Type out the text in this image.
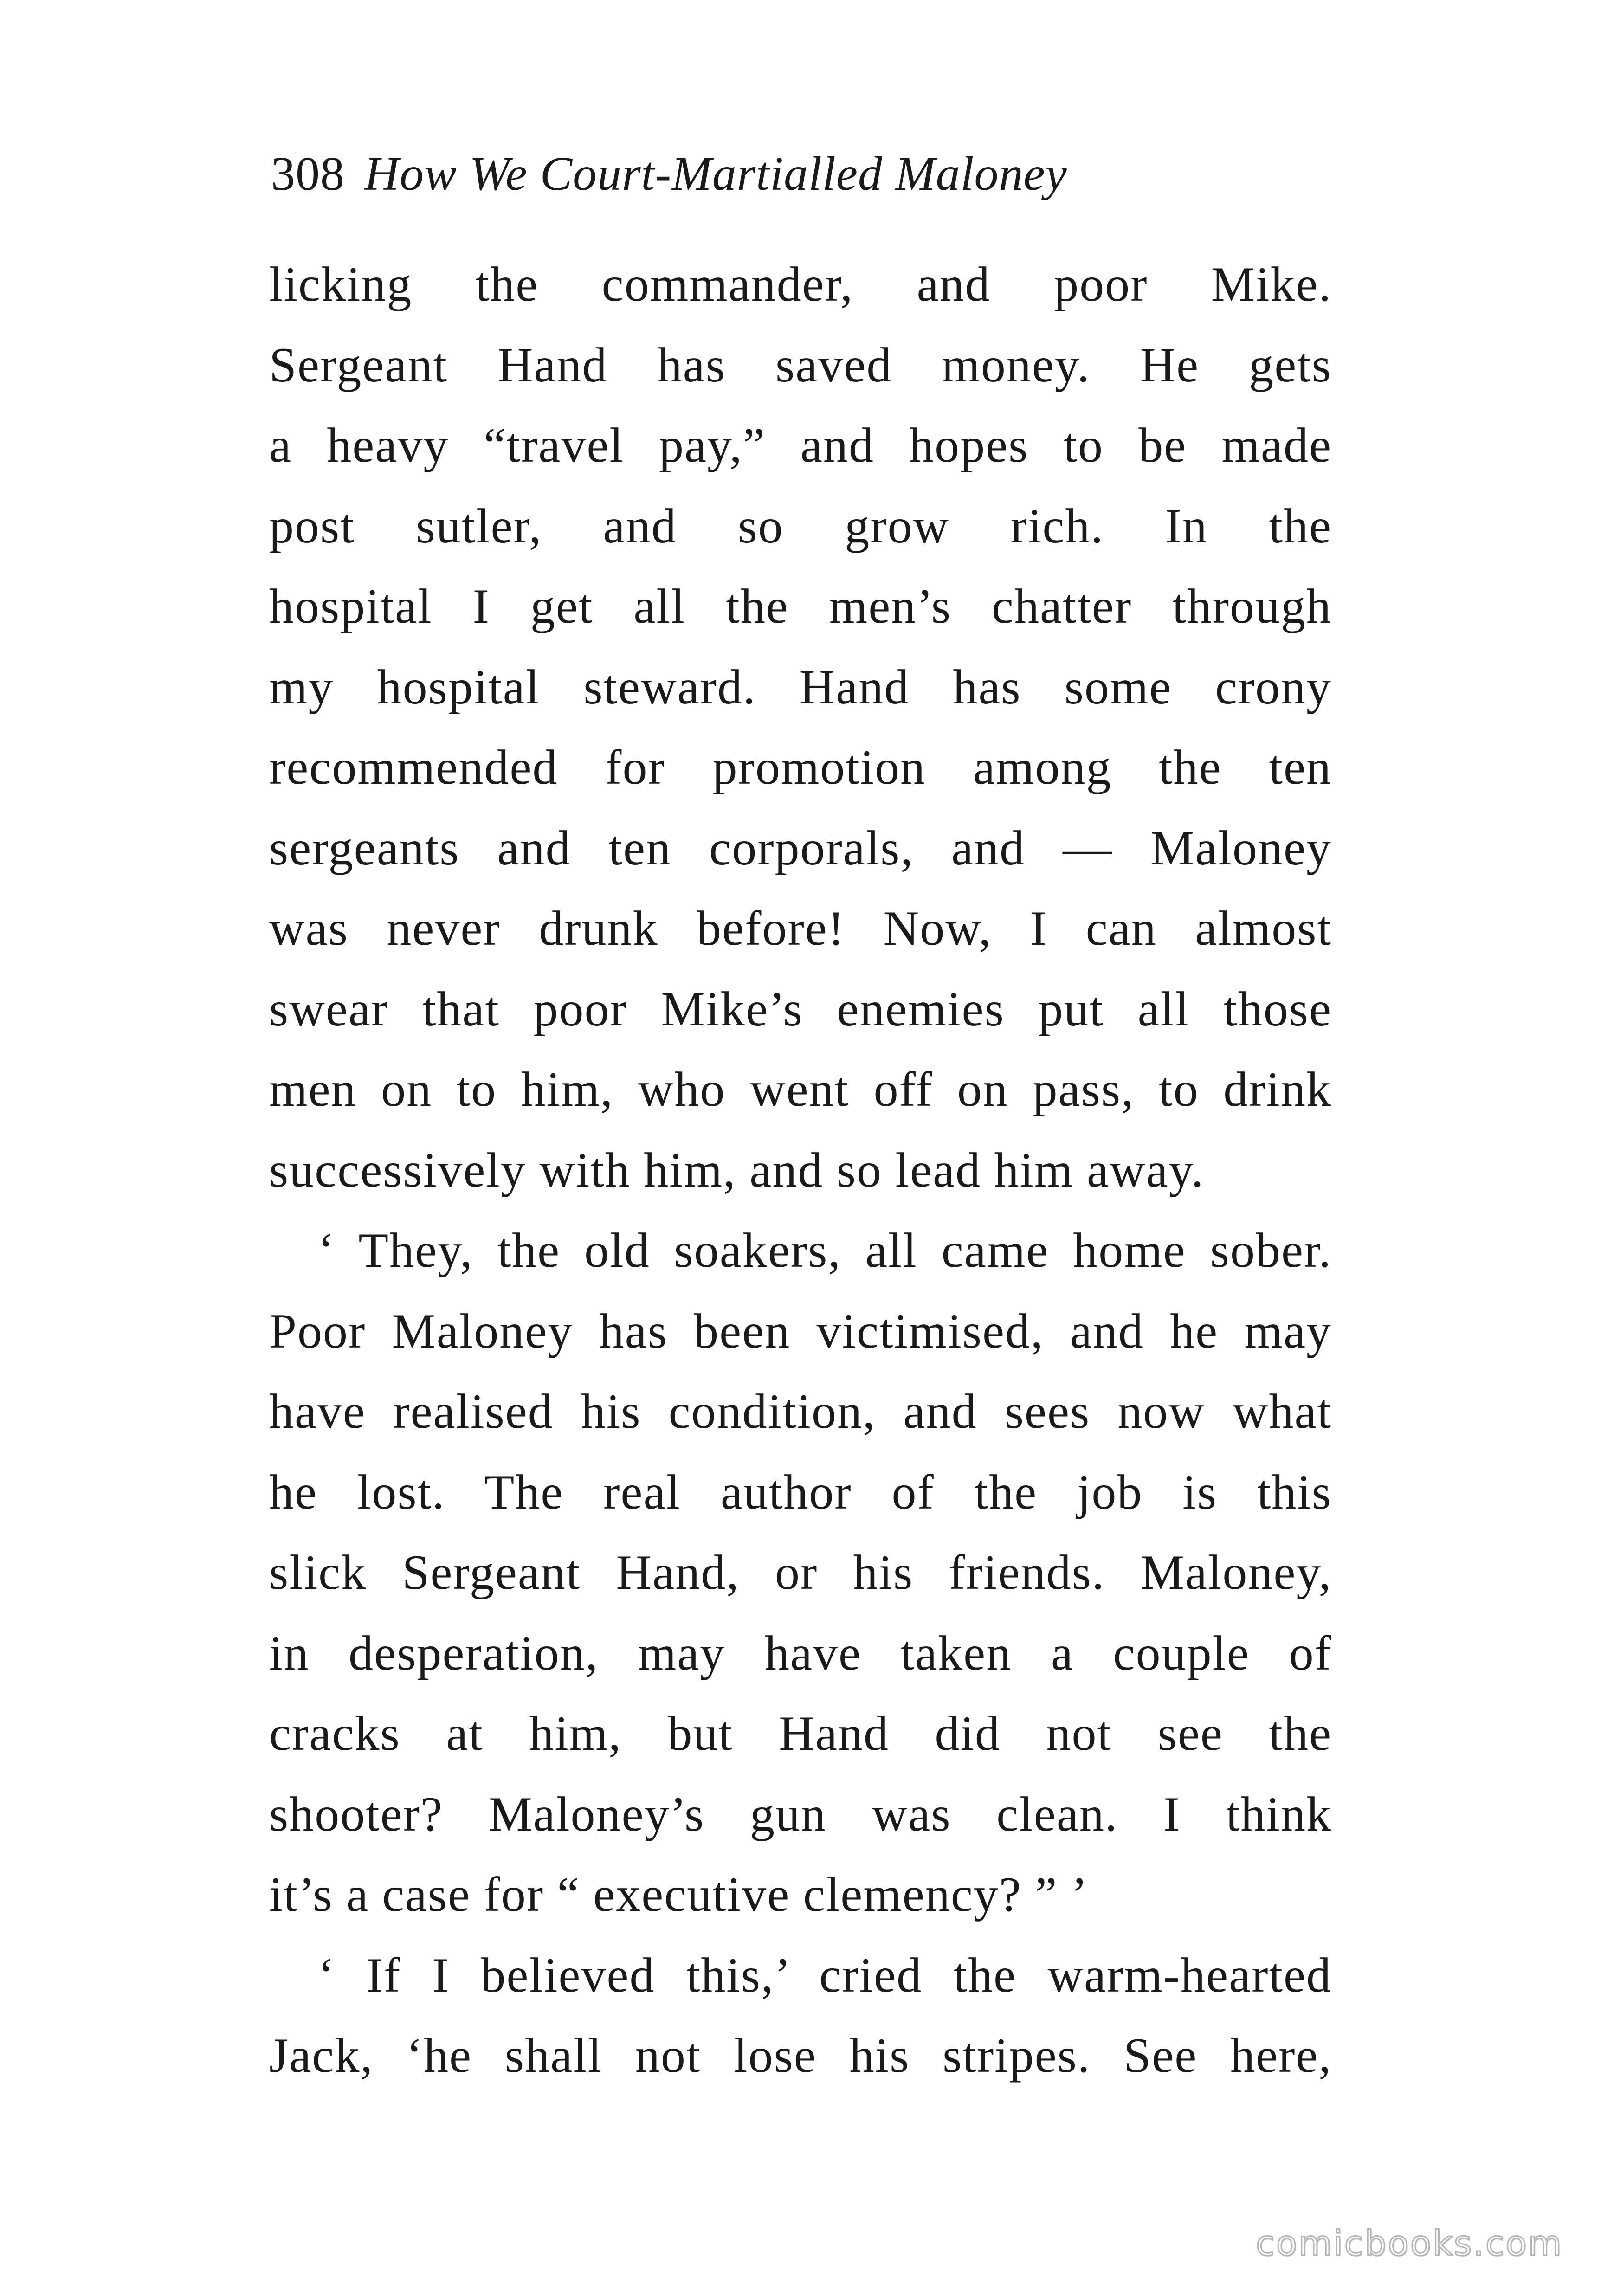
308 How We Court-Martialled Maloney
licking the commander, and poor Mike.
Sergeant Hand has saved money. He gets
a heavy “travel pay,” and hopes to be made
post sutler, and so grow rich. In the
hospital I get all the men’s chatter through
my hospital steward. Hand has some crony
recommended for promotion among the ten
sergeants and ten corporals, and — Maloney
was never drunk before! Now, I can almost
swear that poor Mike’s enemies put all those
men on to him, who went off on pass, to drink
successively with him, and so lead him away.
‘ They, the old soakers, all came home sober.
Poor Maloney has been victimised, and he may
have realised his condition, and sees now what
he lost. The real author of the job is this
slick Sergeant Hand, or his friends. Maloney,
in desperation, may have taken a couple of
cracks at him, but Hand did not see the
shooter? Maloney’s gun was clean. I think
it’s a case for “ executive clemency? ” ’
‘ If I believed this,’ cried the warm-hearted
Jack, ‘he shall not lose his stripes. See here,
comicbooks.com
